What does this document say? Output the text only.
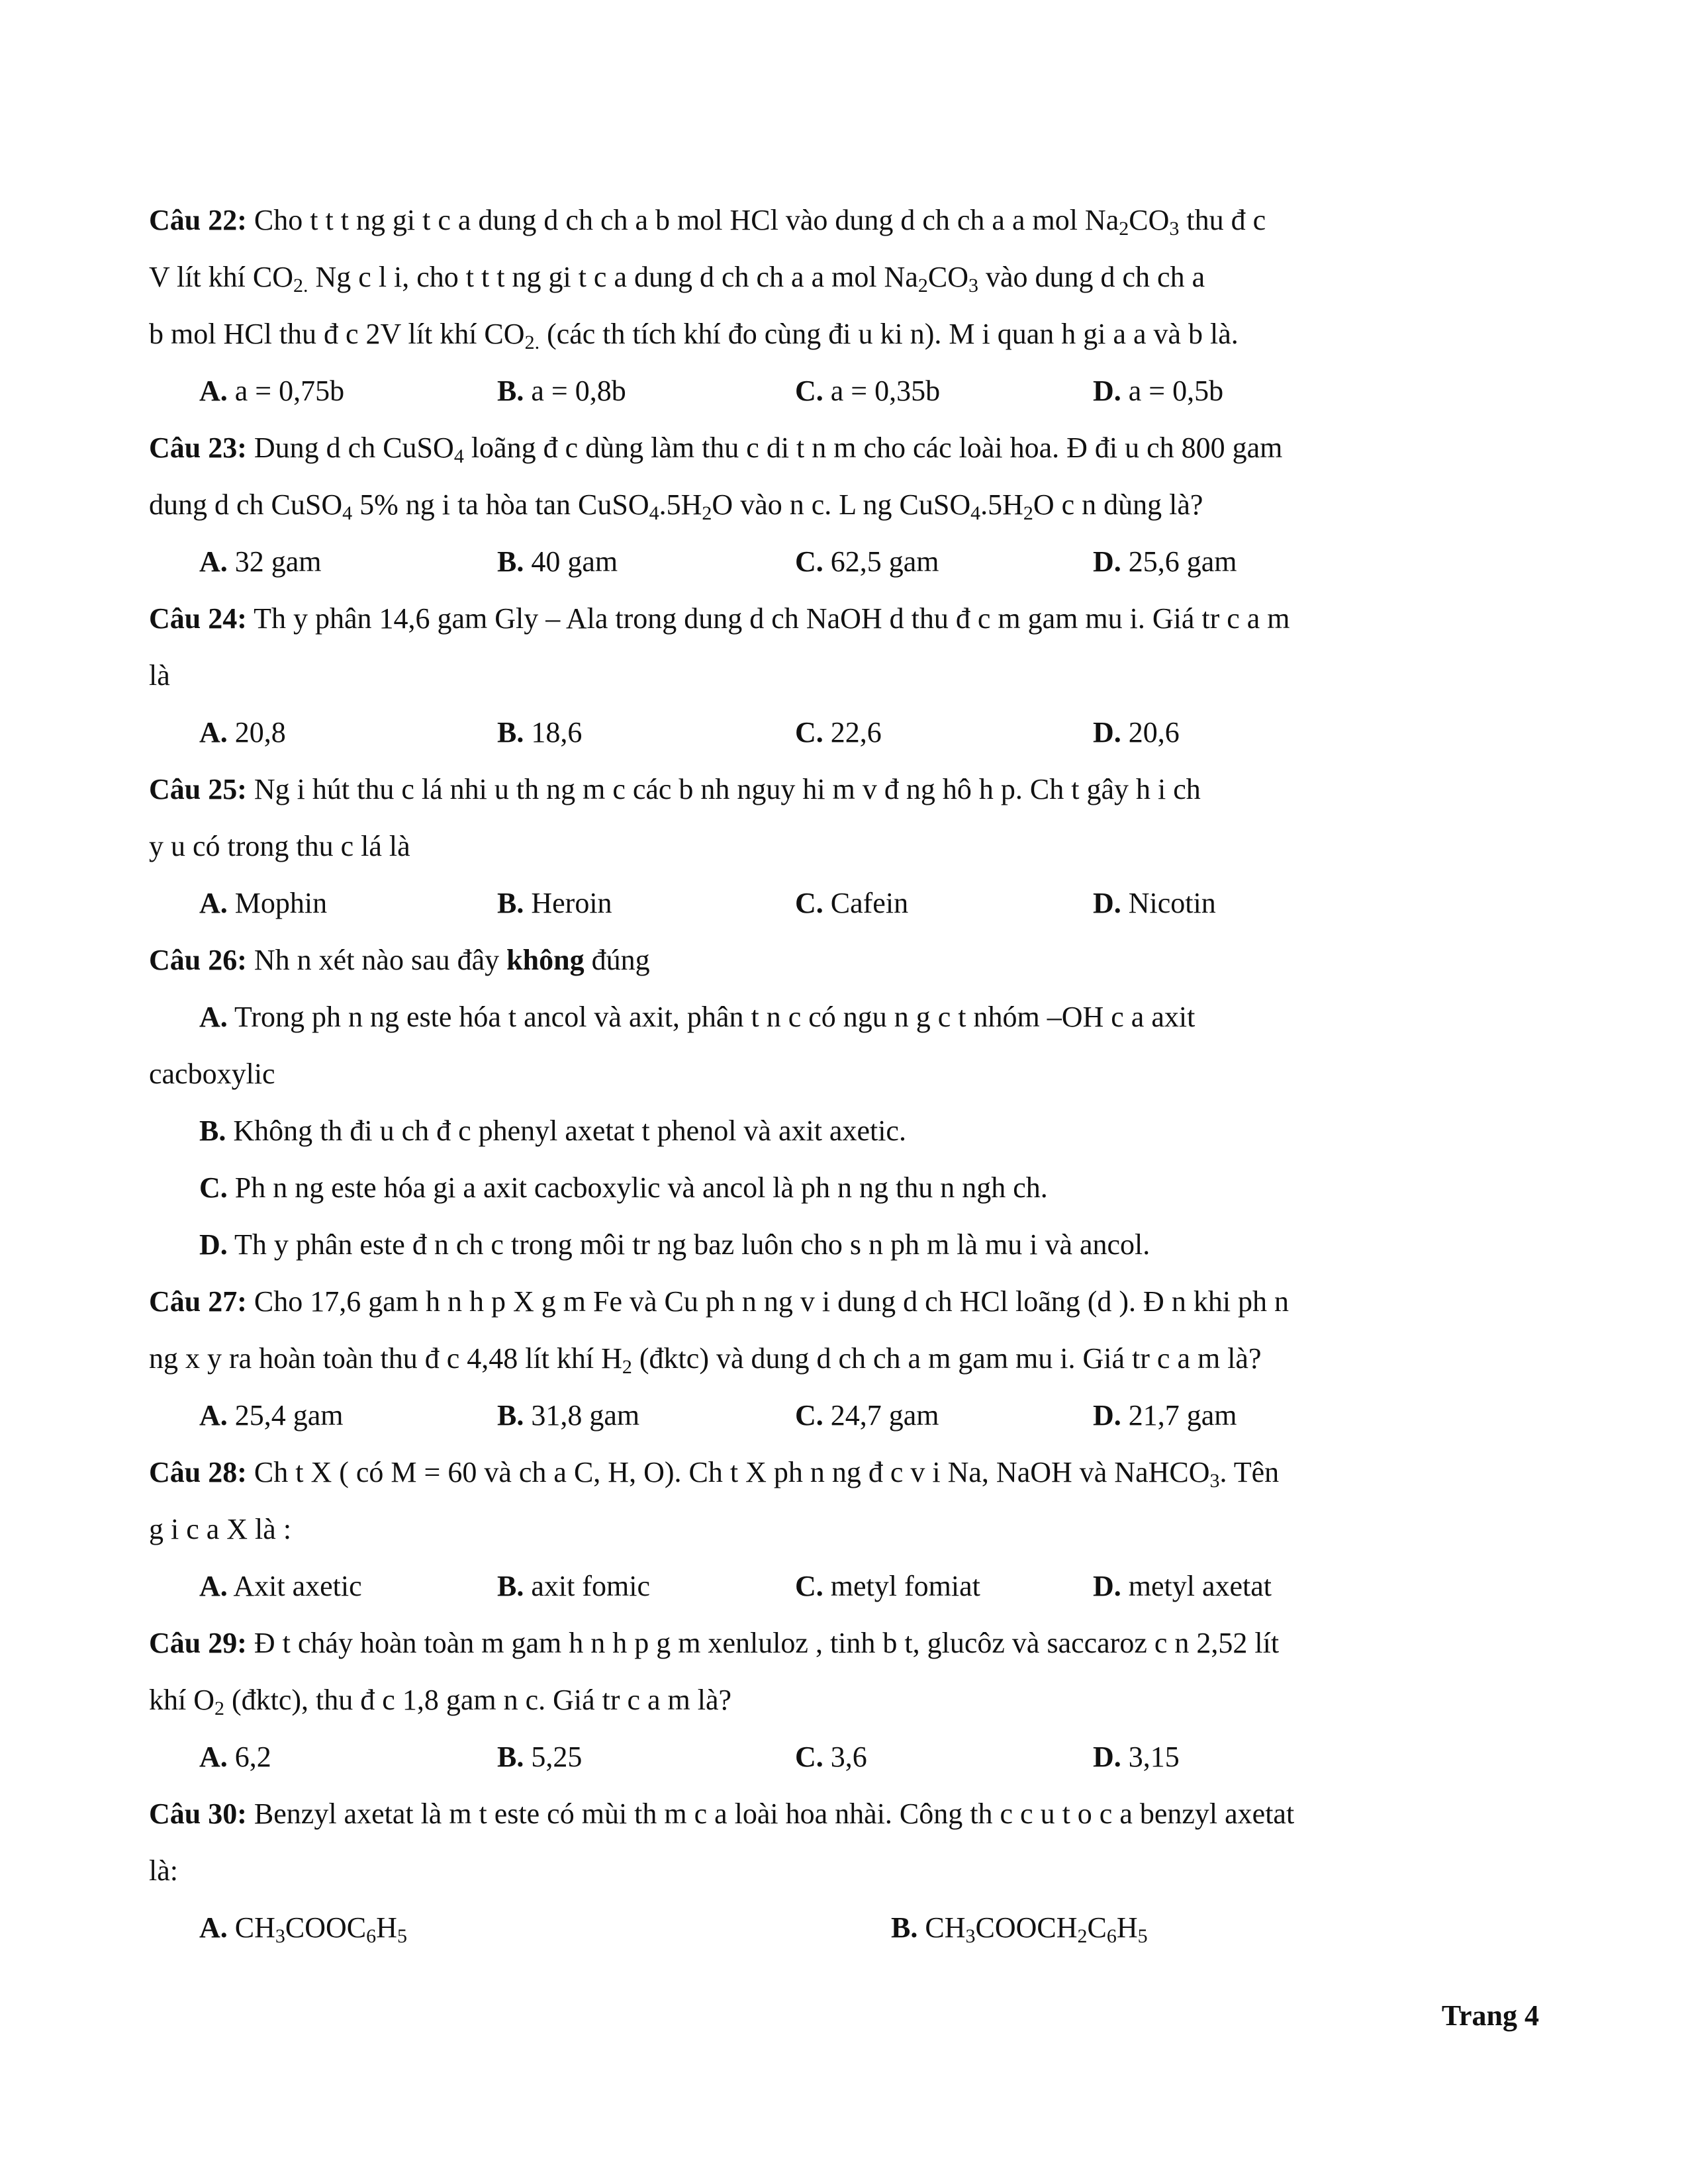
Câu 22: Cho t t t ng gi t c a dung d ch ch a b mol HCl vào dung d ch ch a a mol $Na_2CO_3$ thu đ c

V lít khí $CO_{2.}$ Ng c l i, cho t t t ng gi t c a dung d ch ch a a mol $Na_2CO_3$ vào dung d ch ch a

b mol HCl thu đ c 2V lít khí $CO_{2.}$ (các th tích khí đo cùng đi u ki n). M i quan h gi a a và b là.

A. a = 0,75b	B. a = 0,8b	C. a = 0,35b	D. a = 0,5b

Câu 23: Dung d ch CuSO$_4$ loãng đ c dùng làm thu c di t n m cho các loài hoa. Đ đi u ch 800 gam

dung d ch CuSO$_4$ 5% ng i ta hòa $\tan CuSO_4.5H_2O$ vào n c. L ng $CuSO_4.5H_2O$ c n dùng là?

A. 32 gam	B. 40 gam	C. 62,5 gam	D. 25,6 gam

Câu 24: Th y phân 14,6 gam Gly – Ala trong dung d ch NaOH d thu đ c m gam mu i. Giá tr c a m

là

A. 20,8	B. 18,6	C. 22,6	D. 20,6

Câu 25: Ng i hút thu c lá nhi u th ng m c các b nh nguy hi m v đ ng hô h p. Ch t gây h i ch

y u có trong thu c lá là

A. Mophin	B. Heroin	C. Cafein	D. Nicotin

Câu 26: Nh n xét nào sau đây không đúng

A. Trong ph n ng este hóa t ancol và axit, phân t n c có ngu n g c t nhóm –OH c a axit

cacboxylic

B. Không th đi u ch đ c phenyl axetat t phenol và axit axetic.

C. Ph n ng este hóa gi a axit cacboxylic và ancol là ph n ng thu n ngh ch.

D. Th y phân este đ n ch c trong môi tr ng baz luôn cho s n ph m là mu i và ancol.

Câu 27: Cho 17,6 gam h n h p X g m Fe và Cu ph n ng v i dung d ch HCl loãng (d ). Đ n khi ph n

ng x y ra hoàn toàn thu đ c 4,48 lít khí $H_2$ (đktc) và dung d ch ch a m gam mu i. Giá tr c a m là?

A. 25,4 gam	B. 31,8 gam	C. 24,7 gam	D. 21,7 gam

Câu 28: Ch t X ( có M = 60 và ch a C, H, O). Ch t X ph n ng đ c v i Na, NaOH và NaHCO$_3$. Tên

g i c a X là :

A. Axit axetic	B. axit fomic	C. metyl fomiat	D. metyl axetat

Câu 29: Đ t cháy hoàn toàn m gam h n h p g m xenluloz , tinh b t, glucôz và saccaroz c n 2,52 lít

khí $O_2$ (đktc), thu đ c 1,8 gam n c. Giá tr c a m là?

A. 6,2	B. 5,25	C. 3,6	D. 3,15

Câu 30: Benzyl axetat là m t este có mùi th m c a loài hoa nhài. Công th c c u t o c a benzyl axetat

là:

A. $CH_3COOC_6H_5$	B. $CH_3COOCH_2C_6H_5$
Trang 4
